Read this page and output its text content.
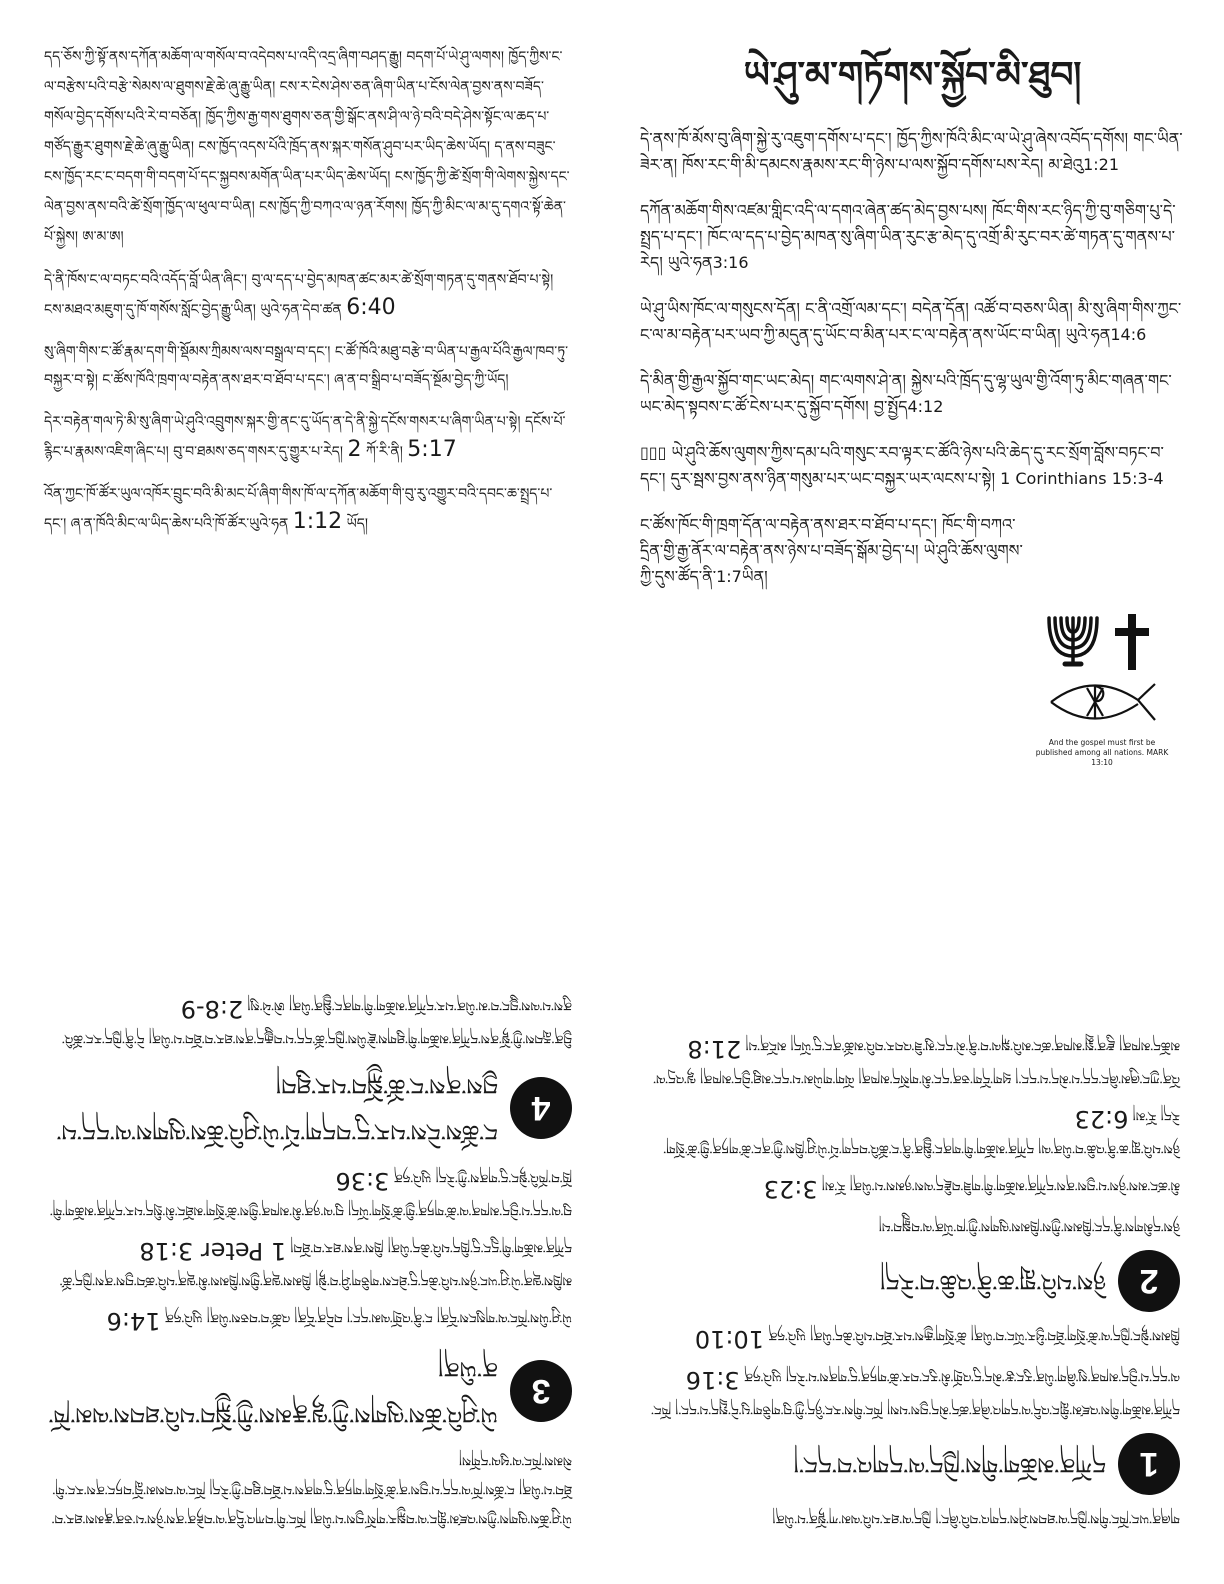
དད་ཅོས་ཀྱི་སྟོ་ནས་དཀོན་མཆོག་ལ་གསོལ་བ་འདེབས་པ་འདི་འདྲ་ཞིག་བཤད་རྒྱུ། བདག་པོ་ཡེ་ཤུ་ལགས། ཁྱོད་ཀྱིས་ང་ལ་བརྩེས་པའི་བརྩེ་སེམས་ལ་ཐུགས་རྗེ་ཆེ་ཞུ་རྒྱུ་ཡིན། ངས་ར་ངེས་ཤེས་ཅན་ཞིག་ཡིན་པ་ངོས་ལེན་བྱས་ནས་བཟོད་གསོལ་བྱེད་དགོས་པའི་རེ་བ་བཅོན། ཁྱོད་ཀྱིས་རྒྱ་གས་ཐུགས་ཅན་གྱི་སྒོང་ནས་ཤི་ལ་ཉེ་བའི་བདེ་ཤེས་སྟོང་ལ་ཆད་པ་གཙོད་རྒྱུར་ཐུགས་རྗེ་ཆེ་ཞུ་རྒྱུ་ཡིན། ངས་ཁྱོད་འདས་པོའི་ཁྲོད་ནས་སྐར་གསོན་ཤུབ་པར་ཡིད་ཆེས་ཡོད། ད་ནས་བཟུང་ངས་ཁྱོད་རང་ང་བདག་གི་བདག་པོ་དང་སྐྱབས་མགོན་ཡིན་པར་ཡིད་ཆེས་ཡོད། ངས་ཁྱོད་ཀྱི་ཚེ་སྲོག་གི་ལེགས་སྐྱེས་དང་ལེན་བྱས་ནས་བའི་ཚེ་སྲོག་ཁྱོད་ལ་ཕུལ་བ་ཡིན། ངས་ཁྱོད་ཀྱི་བཀའ་ལ་ཉན་རོགས། ཁྱོད་ཀྱི་མིང་ལ་མ་དུ་དགའ་སྟོ་ཆེན་པོ་སྐྱེས། ཨ་མ་ཨ།

དེ་ནི་ཁོས་ང་ལ་བཏང་བའི་འདོད་བློ་ཡིན་ཞིང་། བུ་ལ་དད་པ་བྱེད་མཁན་ཚང་མར་ཚེ་སྲོག་གཏན་དུ་གནས་ཐོབ་པ་སྟེ། ངས་མཐའ་མཇུག་དུ་ཁོ་གསོས་སློང་བྱེད་རྒྱུ་ཡིན། ཡུའེ་ཧན་དེབ་ཚན 6:40

སུ་ཞིག་གིས་ང་ཚོ་རྣམ་དག་གི་སྡོམས་ཀྲིམས་ལས་བསྒྲལ་བ་དང་། ང་ཚོ་ཁོའི་མཐུ་བརྩེ་བ་ཡིན་པ་རྒྱལ་པོའི་རྒྱལ་ཁབ་ཏུ་བསྐྱར་བ་སྟེ། ང་ཚོས་ཁོའི་ཁྲག་ལ་བརྟེན་ནས་ཐར་བ་ཐོབ་པ་དང་། ཞ་ན་བ་སྒྲིབ་པ་བཟོད་སྔོམ་བྱེད་ཀྱི་ཡོད།

དེར་བརྟེན་གལ་ཏེ་མི་སུ་ཞིག་ཡེ་ཤུའི་འབྲུགས་སྐར་གྱི་ནང་དུ་ཡོད་ན་དེ་ནི་སྐྱེ་དངོས་གསར་པ་ཞིག་ཡིན་པ་སྟེ། དངོས་པོ་རྙིང་པ་རྣམས་འཇིག་ཞིང་པ། བུ་བ་ཐམས་ཅད་གསར་དུ་གྱུར་པ་རེད། 2 ཀོ་རི་ནི། 5:17

འོན་ཀྱང་ཁོ་ཚོར་ཡུལ་འཁོར་བྲུང་བའི་མི་མང་པོ་ཞིག་གིས་ཁོ་ལ་དཀོན་མཆོག་གི་བུ་རུ་འགྱུར་བའི་དབང་ཆ་སྤྲད་པ་དང་། ཞ་ན་ཁོའི་མིང་ལ་ཡིད་ཆེས་པའི་ཁོ་ཚོར་ཡུའེ་ཧན 1:12 ཡོད།

ཡེ་ཤུ་མ་གཏོགས་སྐྱོབ་མི་ཐུབ།

དེ་ནས་ཁོ་མོས་བུ་ཞིག་སྐྱེ་རུ་འཇུག་དགོས་པ་དང་། ཁྱོད་ཀྱིས་ཁོའི་མིང་ལ་ཡེ་ཤུ་ཞེས་འབོད་དགོས། གང་ཡིན་ཟེར་ན། ཁོས་རང་གི་མི་དམངས་རྣམས་རང་གི་ཉེས་པ་ལས་སྐྱོབ་དགོས་པས་རེད། མ་ཐེའུ1:21

དཀོན་མཆོག་གིས་འཛམ་གླིང་འདི་ལ་དགའ་ཞེན་ཚད་མེད་བྱས་པས། ཁོང་གིས་རང་ཉིད་ཀྱི་བུ་གཅིག་པུ་དེ་སྤྲད་པ་དང་། ཁོང་ལ་དད་པ་བྱེད་མཁན་སུ་ཞིག་ཡིན་རུང་རྩ་མེད་དུ་འགྲོ་མི་རུང་བར་ཚེ་གཏན་དུ་གནས་པ་རེད། ཡུའེ་ཧན3:16

ཡེ་ཤུ་ཡིས་ཁོང་ལ་གསུངས་དོན། ང་ནི་འགྲོ་ལམ་དང་། བདེན་དོན། འཚོ་བ་བཅས་ཡིན། མི་སུ་ཞིག་གིས་ཀྱང་ང་ལ་མ་བརྟེན་པར་ཡབ་ཀྱི་མདུན་དུ་ཡོང་བ་མིན་པར་ང་ལ་བརྟེན་ནས་ཡོང་བ་ཡིན། ཡུའེ་ཧན14:6

དེ་མིན་གྱི་རྒྱལ་སྐྱོབ་གང་ཡང་མེད། གང་ལགས་ཤེ་ན། སྐྱེས་པའི་ཁྲོད་དུ་ལྷ་ཡུལ་གྱི་འོག་ཏུ་མིང་གཞན་གང་ཡང་མེད་སྟབས་ང་ཚོ་ངེས་པར་དུ་སྐྱོབ་དགོས། བྱ་སྤྱོད4:12

▯▯▯ ཡེ་ཤུའི་ཆོས་ལུགས་ཀྱིས་དམ་པའི་གསུང་རབ་ལྟར་ང་ཚོའི་ཉེས་པའི་ཆེད་དུ་རང་སྲོག་བློས་བཏང་བ་དང་། དུར་སྦས་བྱས་ནས་ཉིན་གསུམ་པར་ཡང་བསྐྱར་ཡར་ལངས་པ་སྟེ། 1 Corinthians 15:3-4

ང་ཚོས་ཁོང་གི་ཁྲག་དོན་ལ་བརྟེན་ནས་ཐར་བ་ཐོབ་པ་དང་། ཁོང་གི་བཀའ་དྲིན་གྱི་རྒྱ་ནོར་ལ་བརྟེན་ནས་ཉེས་པ་བཟོད་སྒོམ་བྱེད་པ། ཡེ་ཤུའི་ཆོས་ལུགས་ཀྱི་དུས་ཚོད་ནི་1:7ཡིན།

And the gospel must first be published among all nations. MARK 13:10

ཡེ་ཤུ་ཆོས་ལུགས་ཀྱིས་འཛམ་གླིང་ལ་བསྐྱར་གསོ་བྱས་པ་ཡིན། ཁོང་གི་བཀའ་དྲིན་ལ་བརྟེན་ནས་ཉེས་པ་ཅན་རྣམས་ཐར་བ་ཐོབ་པ་ཡིན། ང་ཚོས་ཁོ་ལ་དད་པ་བྱས་ན་ཚེ་སྲོག་གཏན་དུ་གནས་པ་ཐོབ་ཐུབ་ཀྱི་རེད། ཁོང་ལ་བསམ་བློ་བཏང་ནས་རང་གི་སེམས་ཁོང་ལ་ཕུལ་དགོས།

3
ཡེ་ཤུའི་ཆོས་ལུགས་ཀྱི་ལྷ་རྣམས་ཀྱི་སྐྱོབ་པའི་ཐབས་ལམ་ཁོ་ན་ཡིན།

ཡེ་ཤུ་ཡིས་ཁོང་ལ་གསུངས་དོན། ང་ནི་འགྲོ་ལམ་དང་། བདེན་དོན། འཚོ་བ་བཅས་ཡིན། ཡུའེ་ཧན 14:6

མཁྲིས་ལྡན་ཡེ་ཤུ་ཡང་ཉེས་པའི་ཆེད་དུ་ཐེངས་གཅིག་ཤི་བ་སྟེ། ཁྲིམས་ལྡན་གྱིས་ཁྲིམས་མི་ལྡན་པའི་ཚབ་བྱས་ནས་ཁྱེད་ཚོ་དཀོན་མཆོག་གི་དྲུང་དུ་ཁྲིད་པའི་ཆེད་ཡིན། ཁྲིས་ནས་ཐར་བ་ཐོབ། 1 Peter 3:18

བུ་ལ་དད་པ་བྱེད་མཁན་ལ་ཚེ་གཏན་གྱི་ཚེ་སྲོག་ཡོད། བུ་ལ་ཉན་མི་མཁན་གྱིས་ཚེ་སྲོག་མཐོང་མི་སྲིད་པར་དཀོན་མཆོག་གི་ཁྲོ་བ་ཁོའི་སྟེང་དུ་གནས་ཀྱི་རེད། ཡུའེ་ཧན 3:36

4
ང་ཚོས་ངེས་པར་དུ་བདག་པོ་ཡེ་ཤུའི་ཆོས་ལུགས་ལ་དད་པ་བྱས་ནས་ང་ཚོ་སྐྱོབ་པར་ཐུབ།

བྱིན་རླབས་ཀྱི་སྟོ་ནས་དཀོན་མཆོག་གི་ཐུགས་རྗེ་ཡིས་ཁྱེད་ཚོ་དད་པ་བརྒྱུད་ནས་ཐར་བ་ཐོབ་པ་ཡིན། དེ་ནི་ཁྱེད་རང་ཚོའི་ནུས་པ་ལས་བྱུང་བ་མ་ཡིན་པར་དཀོན་མཆོག་གི་གནང་སྦྱིན་ཡིན། ཨེ་ཕེ་སུ། 2:8-9

གཞན་ཡང་ཁོང་གིས་ཁྱེད་ལ་ཐབས་ཤེས་དགའ་བའི་ཞིང་། ཁྱེད་ལ་ཐར་པའི་ལམ་ཀ་སྟོན་པ་ཡིན།

1
དཀོན་མཆོག་གིས་ཁྱེད་ལ་དགའ་བ་དང་།

དཀོན་མཆོག་གིས་འཛམ་གླིང་འདི་ལ་དགའ་ཞེན་ཚད་མེད་བྱས་པས། ཁོང་གིས་རང་ཉིད་ཀྱི་བུ་གཅིག་པུ་དེ་སྤྲད་པ་དང་། ཁོང་ལ་དད་པ་བྱེད་མཁན་སུ་ཞིག་ཡིན་རུང་རྩ་མེད་དུ་འགྲོ་མི་རུང་བར་ཚེ་གཏན་དུ་གནས་པ་རེད། ཡུའེ་ཧན 3:16

ཁྲིམས་སྟེང་ཁྱེད་ལ་ཚེ་སྲོག་ཐོབ་ཕྱིར་ཡོང་བ་ཡིན། ཚེ་སྲོག་རྒྱས་པར་ཐོབ་པའི་ཆེད་ཡིན། ཡུའེ་ཧན 10:10

2
ཉེས་པའི་གླ་ཆ་ནི་འཆི་བ་རེད།

ཉེས་དམིགས་ནི་དང་ཁྲིམས་ཀྱིས་ཁྲིམས་ལུགས་ཀྱི་ཁ་ཡོན་ལ་བསྒྲུབ་པ།

མི་ཚང་མས་ཉེས་པ་བྱས་ནས་དཀོན་མཆོག་གི་གཟི་བརྗིད་ལས་ཉམས་པ་ཡིན། རོ་མ། 3:23

ཉེས་པའི་གླ་ཆ་ནི་འཆི་བ་ཡིན་ལ། དཀོན་མཆོག་གི་གནང་སྦྱིན་ནི་ང་ཚོའི་བདག་པོ་ཡེ་ཤུ་ཁྲིས་ཀྱི་ནང་ཚེ་གཏན་གྱི་ཚེ་སྲོག་རེད། རོ་མ། 6:23

འོན་ཀྱང་ཞུམ་ཞིང་དད་པ་མེད་པ་དང་། ཕྲག་དོག་ཅན་དང་མི་གསོད་མཁན། ལོག་གཡེམ་པ་དང་མཐུ་བྱེད་མཁན། ལྷ་འདྲ་ལ་མཆོད་མཁན། རྫུན་སྨྲ་མཁན་ཚང་མའི་སྐལ་བ་ནི་མེ་དང་མུ་ཟི་འབར་བའི་མཚོ་ནང་དུ་ཡོད། མངོན་པ། 21:8
